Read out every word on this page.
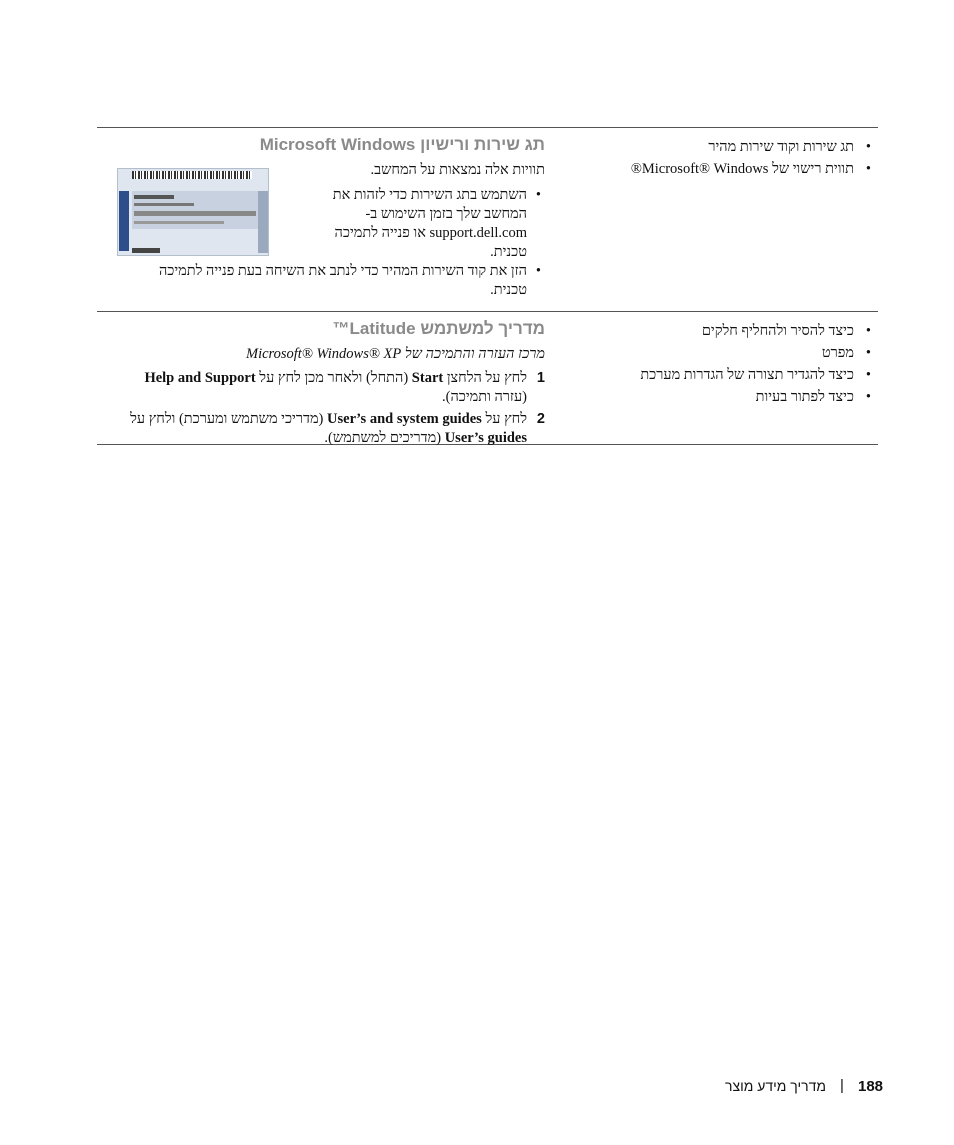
• תג שירות וקוד שירות מהיר
• תווית רישוי של Microsoft® Windows®
תג שירות ורישיון Microsoft Windows
תוויות אלה נמצאות על המחשב.
• השתמש בתג השירות כדי לזהות את המחשב שלך בזמן השימוש ב- support.dell.com או פנייה לתמיכה טכנית.
• הזן את קוד השירות המהיר כדי לנתב את השיחה בעת פנייה לתמיכה טכנית.
• כיצד להסיר ולהחליף חלקים
• מפרט
• כיצד להגדיר תצורה של הגדרות מערכת
• כיצד לפתור בעיות
מדריך למשתמש Latitude™
מרכז העזרה והתמיכה של Microsoft® Windows® XP
1
לחץ על הלחצן Start (התחל) ולאחר מכן לחץ על Help and Support (עזרה ותמיכה).
2
לחץ על User’s and system guides (מדריכי משתמש ומערכת) ולחץ על User’s guides (מדריכים למשתמש).
188
|
מדריך מידע מוצר
